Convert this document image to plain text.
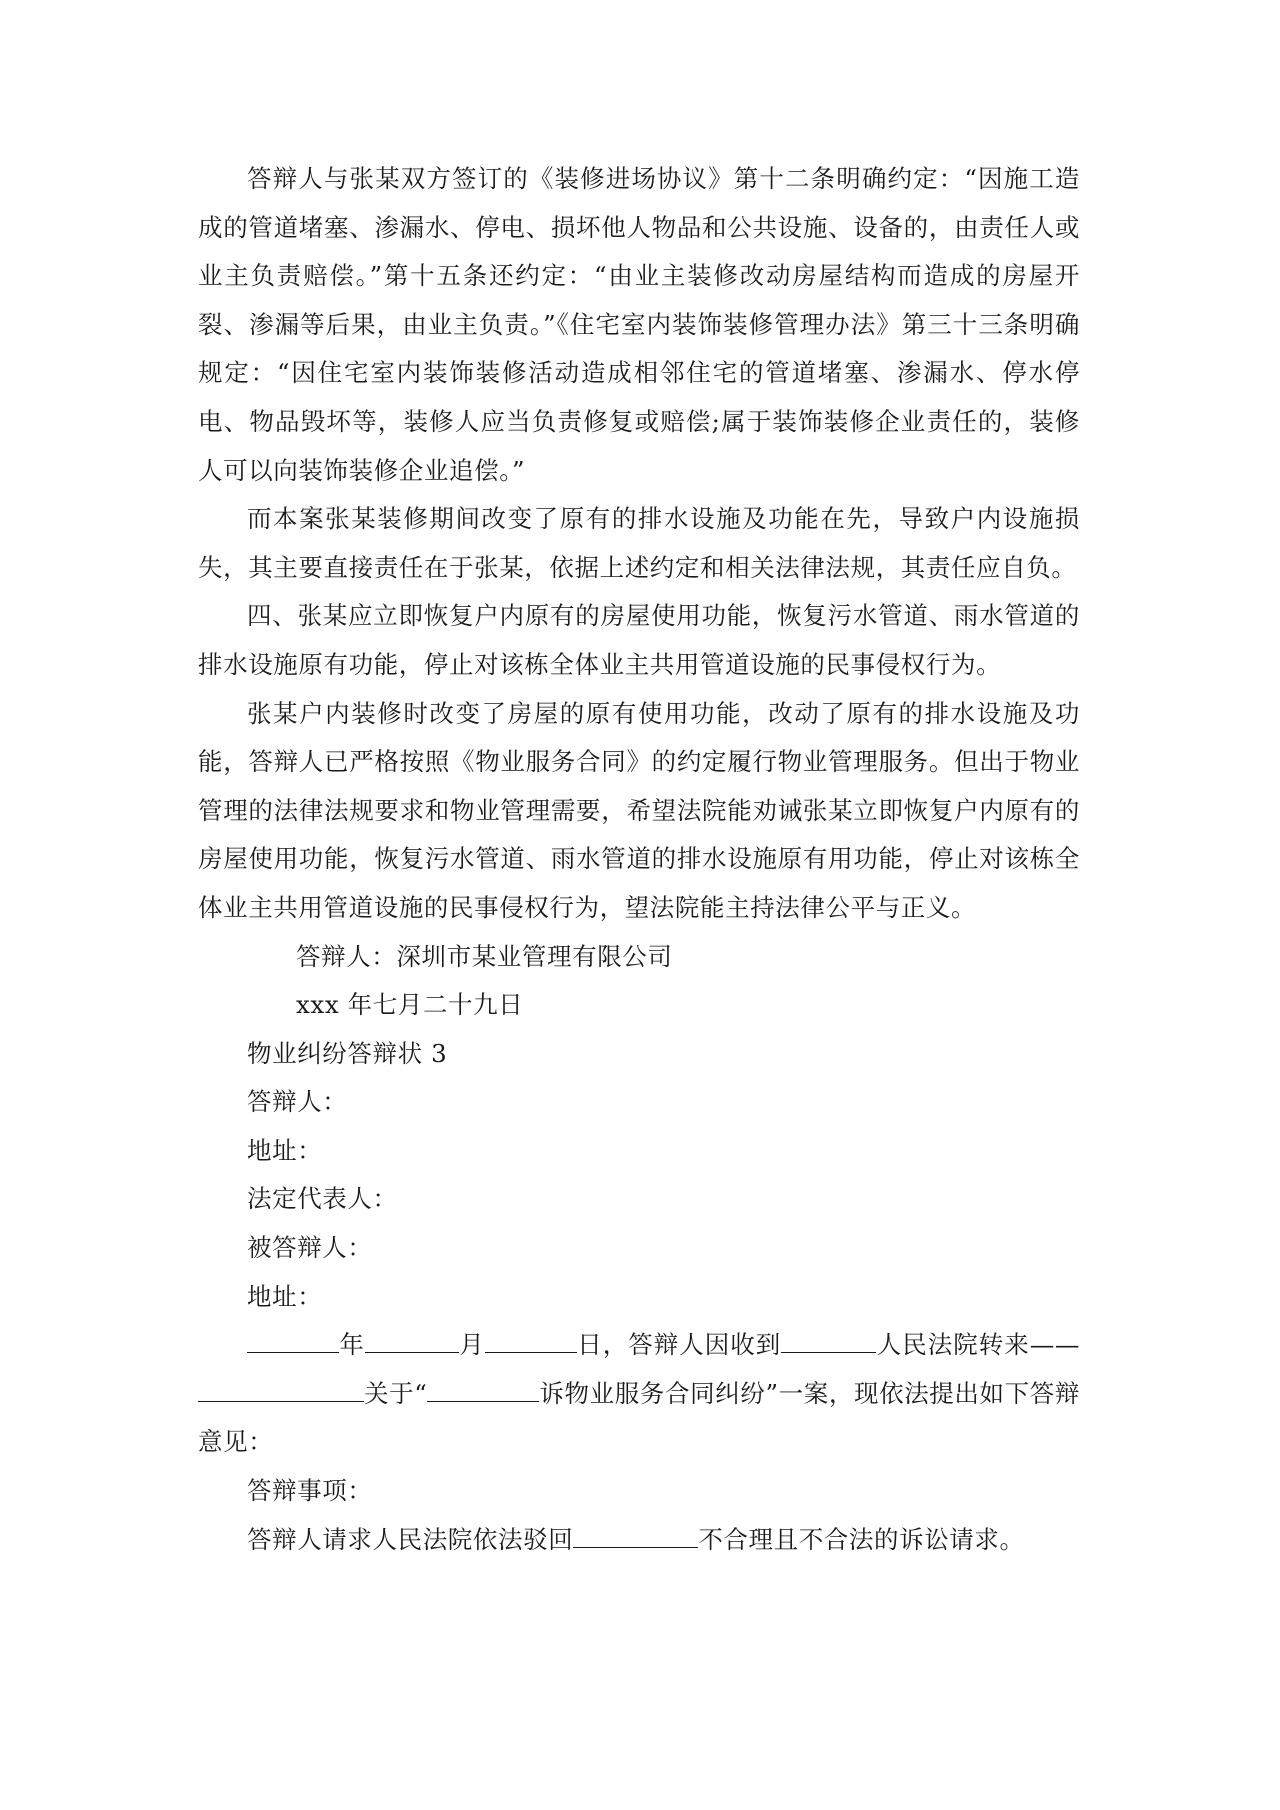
答辩人与张某双方签订的《装修进场协议》第十二条明确约定：“因施工造成的管道堵塞、渗漏水、停电、损坏他人物品和公共设施、设备的，由责任人或业主负责赔偿。”第十五条还约定：“由业主装修改动房屋结构而造成的房屋开裂、渗漏等后果，由业主负责。”《住宅室内装饰装修管理办法》第三十三条明确规定：“因住宅室内装饰装修活动造成相邻住宅的管道堵塞、渗漏水、停水停电、物品毁坏等，装修人应当负责修复或赔偿;属于装饰装修企业责任的，装修人可以向装饰装修企业追偿。”

而本案张某装修期间改变了原有的排水设施及功能在先，导致户内设施损失，其主要直接责任在于张某，依据上述约定和相关法律法规，其责任应自负。

四、张某应立即恢复户内原有的房屋使用功能，恢复污水管道、雨水管道的排水设施原有功能，停止对该栋全体业主共用管道设施的民事侵权行为。

张某户内装修时改变了房屋的原有使用功能，改动了原有的排水设施及功能，答辩人已严格按照《物业服务合同》的约定履行物业管理服务。但出于物业管理的法律法规要求和物业管理需要，希望法院能劝诫张某立即恢复户内原有的房屋使用功能，恢复污水管道、雨水管道的排水设施原有用功能，停止对该栋全体业主共用管道设施的民事侵权行为，望法院能主持法律公平与正义。

答辩人：深圳市某业管理有限公司

xxx 年七月二十九日

物业纠纷答辩状 3

答辩人：

地址：

法定代表人：

被答辩人：

地址：

年	月	日，答辩人因收到	人民法院转来——关于“	诉物业服务合同纠纷”一案，现依法提出如下答辩意见：

答辩事项：

答辩人请求人民法院依法驳回	不合理且不合法的诉讼请求。
